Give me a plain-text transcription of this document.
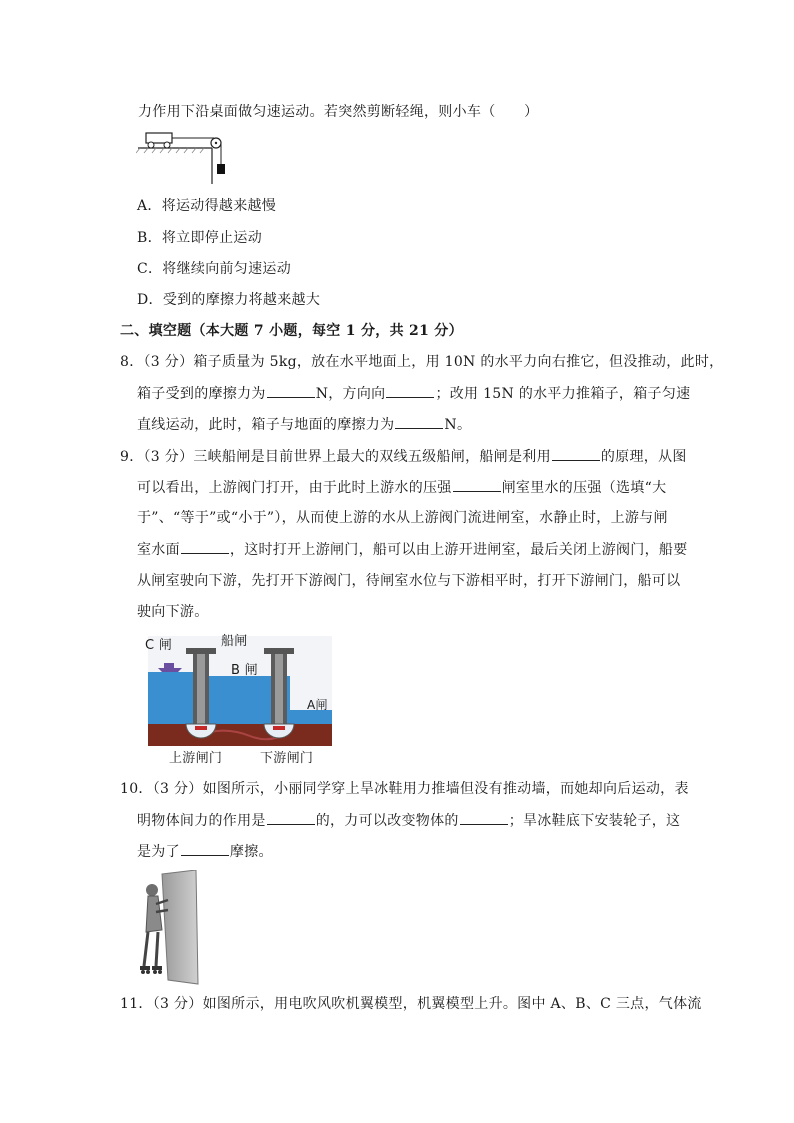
力作用下沿桌面做匀速运动。若突然剪断轻绳，则小车（　　）
A．将运动得越来越慢
B．将立即停止运动
C．将继续向前匀速运动
D．受到的摩擦力将越来越大
二、填空题（本大题 7 小题，每空 1 分，共 21 分）
8．（3 分）箱子质量为 5kg，放在水平地面上，用 10N 的水平力向右推它，但没推动，此时，
箱子受到的摩擦力为	N，方向向	；改用 15N 的水平力推箱子，箱子匀速
直线运动，此时，箱子与地面的摩擦力为	N。
9．（3 分）三峡船闸是目前世界上最大的双线五级船闸，船闸是利用	的原理，从图
可以看出，上游阀门打开，由于此时上游水的压强	闸室里水的压强（选填“大
于”、“等于”或“小于”），从而使上游的水从上游阀门流进闸室，水静止时，上游与闸
室水面	，这时打开上游闸门，船可以由上游开进闸室，最后关闭上游阀门，船要
从闸室驶向下游，先打开下游阀门，待闸室水位与下游相平时，打开下游闸门，船可以
驶向下游。
C 闸	船闸
B 闸
A闸
上游闸门	下游闸门
10．（3 分）如图所示，小丽同学穿上旱冰鞋用力推墙但没有推动墙，而她却向后运动，表
明物体间力的作用是	的，力可以改变物体的	；旱冰鞋底下安装轮子，这
是为了	摩擦。
11．（3 分）如图所示，用电吹风吹机翼模型，机翼模型上升。图中 A、B、C 三点，气体流
